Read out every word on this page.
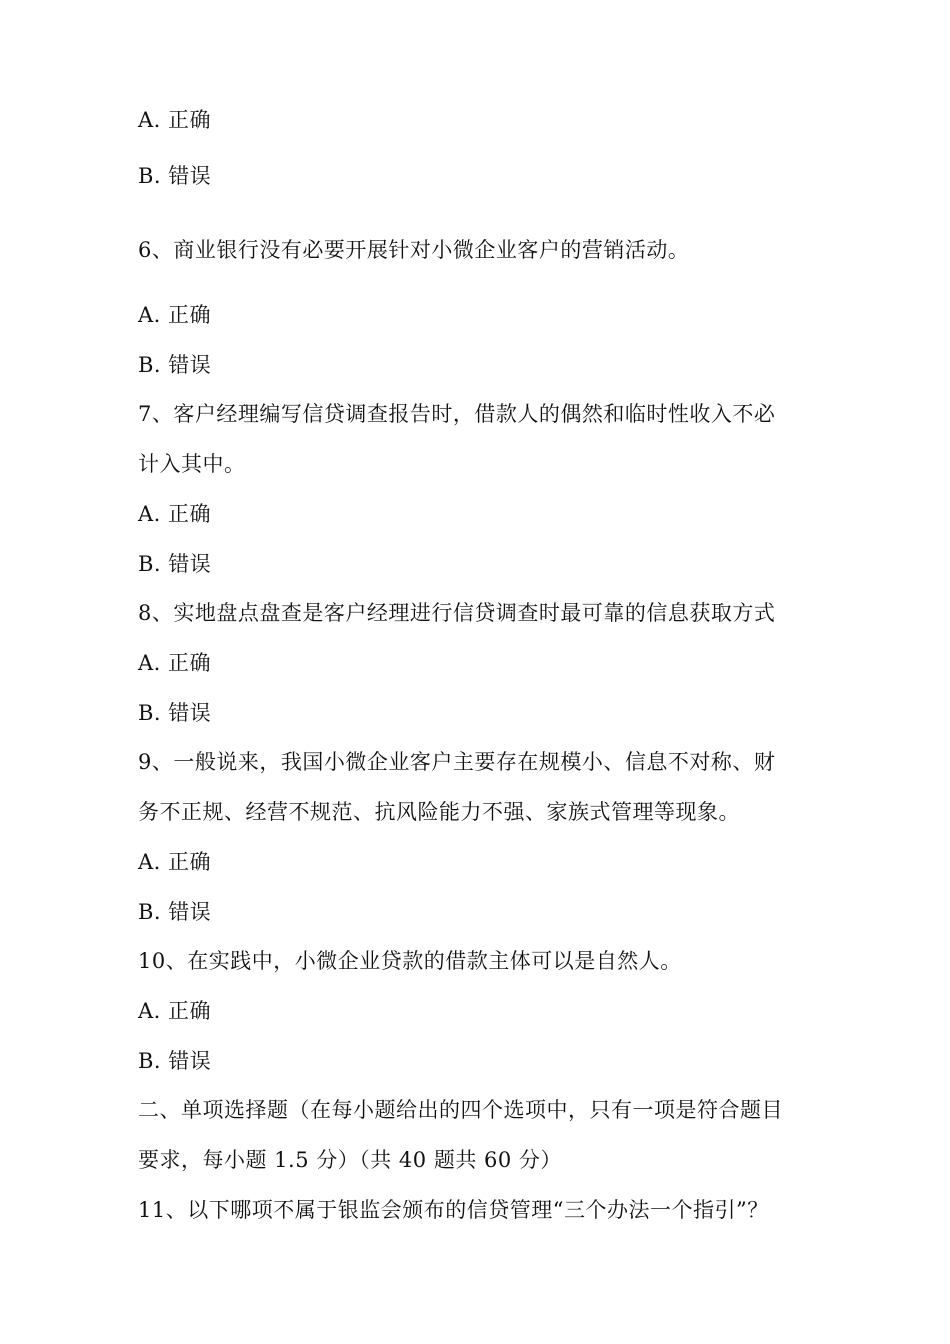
A. 正确
B. 错误
6、商业银行没有必要开展针对小微企业客户的营销活动。
A. 正确
B. 错误
7、客户经理编写信贷调查报告时，借款人的偶然和临时性收入不必
计入其中。
A. 正确
B. 错误
8、实地盘点盘查是客户经理进行信贷调查时最可靠的信息获取方式
A. 正确
B. 错误
9、一般说来，我国小微企业客户主要存在规模小、信息不对称、财
务不正规、经营不规范、抗风险能力不强、家族式管理等现象。
A. 正确
B. 错误
10、在实践中，小微企业贷款的借款主体可以是自然人。
A. 正确
B. 错误
二、单项选择题（在每小题给出的四个选项中，只有一项是符合题目
要求，每小题 1.5 分）（共 40 题共 60 分）
11、以下哪项不属于银监会颁布的信贷管理“三个办法一个指引”？
